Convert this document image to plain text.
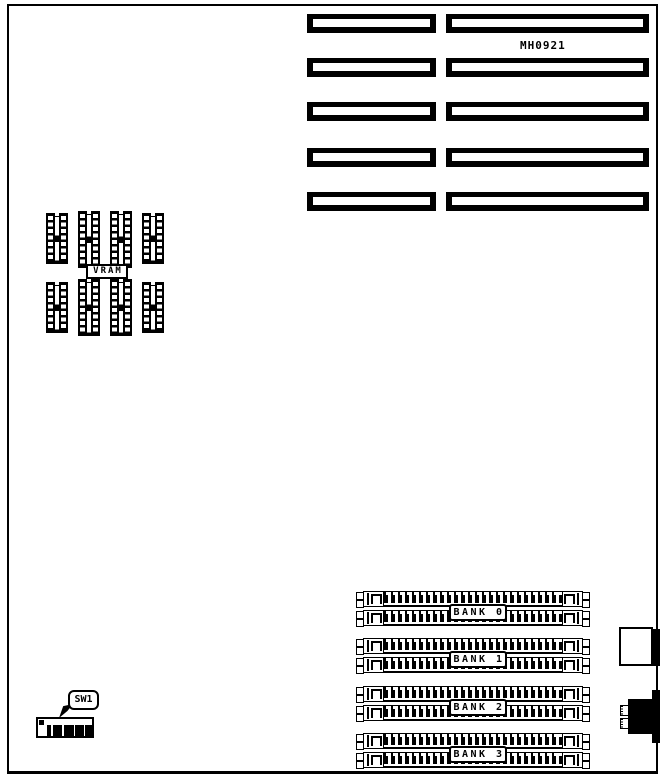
MH0921
VRAM
SW1
BANK 0
BANK 1
BANK 2
BANK 3
